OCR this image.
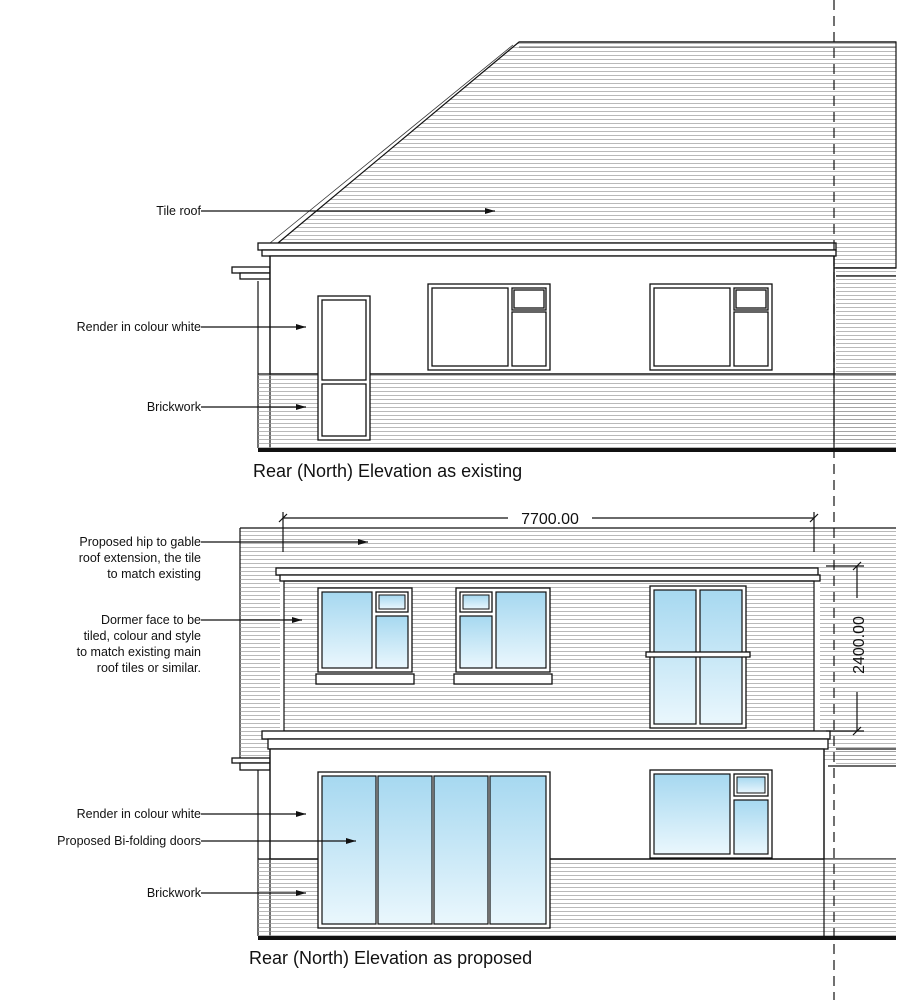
Tile roof
Render in colour white
Brickwork
Rear (North) Elevation as existing
7700.00
2400.00
Proposed hip to gable
roof extension, the tile
to match existing
Dormer face to be
tiled, colour and style
to match existing main
roof tiles or similar.
Render in colour white
Proposed Bi-folding doors
Brickwork
Rear (North) Elevation as proposed
